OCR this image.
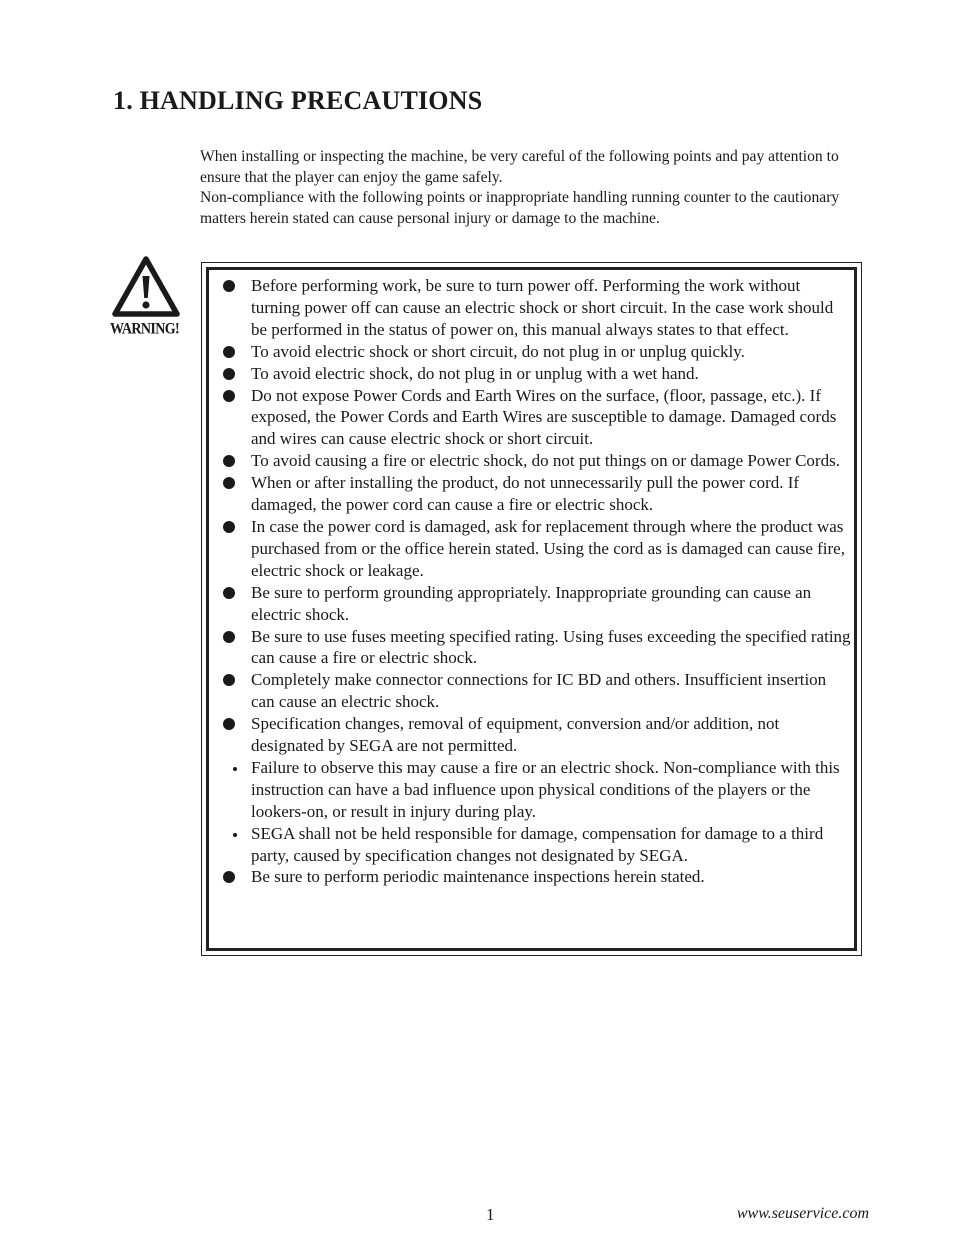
1. HANDLING PRECAUTIONS

When installing or inspecting the machine, be very careful of the following points and pay attention to ensure that the player can enjoy the game safely.

Non-compliance with the following points or inappropriate handling running counter to the cautionary matters herein stated can cause personal injury or damage to the machine.

WARNING!
Before performing work, be sure to turn power off. Performing the work without turning power off can cause an electric shock or short circuit. In the case work should be performed in the status of power on, this manual always states to that effect.
To avoid electric shock or short circuit, do not plug in or unplug quickly.
To avoid electric shock, do not plug in or unplug with a wet hand.
Do not expose Power Cords and Earth Wires on the surface, (floor, passage, etc.). If exposed, the Power Cords and Earth Wires are susceptible to damage. Damaged cords and wires can cause electric shock or short circuit.
To avoid causing a fire or electric shock, do not put things on or damage Power Cords.
When or after installing the product, do not unnecessarily pull the power cord. If damaged, the power cord can cause a fire or electric shock.
In case the power cord is damaged, ask for replacement through where the product was purchased from or the office herein stated. Using the cord as is damaged can cause fire, electric shock or leakage.
Be sure to perform grounding appropriately. Inappropriate grounding can cause an electric shock.
Be sure to use fuses meeting specified rating. Using fuses exceeding the specified rating can cause a fire or electric shock.
Completely make connector connections for IC BD and others. Insufficient insertion can cause an electric shock.
Specification changes, removal of equipment, conversion and/or addition, not designated by SEGA are not permitted.
Failure to observe this may cause a fire or an electric shock. Non-compliance with this instruction can have a bad influence upon physical conditions of the players or the lookers-on, or result in injury during play.
SEGA shall not be held responsible for damage, compensation for damage to a third party, caused by specification changes not designated by SEGA.
Be sure to perform periodic maintenance inspections herein stated.
1	www.seuservice.com
